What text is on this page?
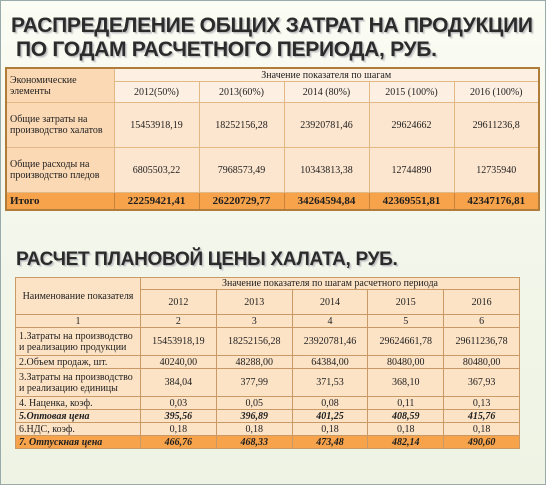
РАСПРЕДЕЛЕНИЕ ОБЩИХ ЗАТРАТ НА ПРОДУКЦИИ
ПО ГОДАМ РАСЧЕТНОГО ПЕРИОДА, РУБ.
Экономические элементы	Значение показателя по шагам				
	2012(50%)	2013(60%)	2014 (80%)	2015 (100%)	2016 (100%)
Общие затраты на производство халатов	15453918,19	18252156,28	23920781,46	29624662	29611236,8
Общие расходы на производство пледов	6805503,22	7968573,49	10343813,38	12744890	12735940
Итого	22259421,41	26220729,77	34264594,84	42369551,81	42347176,81
РАСЧЕТ ПЛАНОВОЙ ЦЕНЫ ХАЛАТА, РУБ.
Наименование показателя	Значение показателя по шагам расчетного периода				
	2012	2013	2014	2015	2016
1	2	3	4	5	6
1.Затраты на производство и реализацию продукции	15453918,19	18252156,28	23920781,46	29624661,78	29611236,78
2.Объем продаж, шт.	40240,00	48288,00	64384,00	80480,00	80480,00
3.Затраты на производство и реализацию единицы	384,04	377,99	371,53	368,10	367,93
4. Наценка, коэф.	0,03	0,05	0,08	0,11	0,13
5.Оптовая цена	395,56	396,89	401,25	408,59	415,76
6.НДС, коэф.	0,18	0,18	0,18	0,18	0,18
7. Отпускная цена	466,76	468,33	473,48	482,14	490,60
